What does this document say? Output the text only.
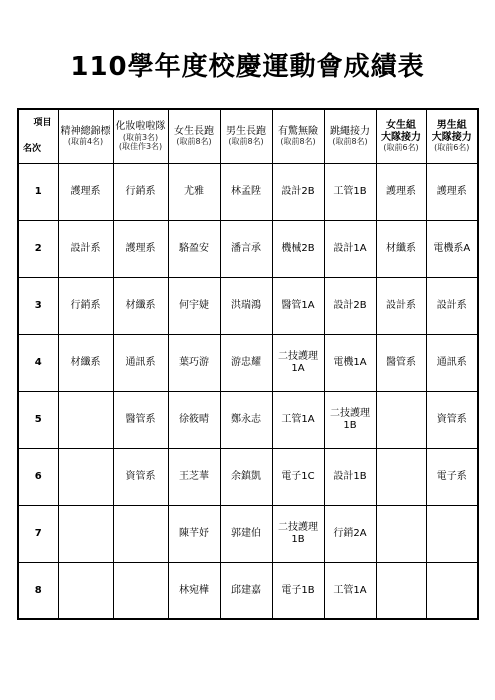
110學年度校慶運動會成績表
項目
名次	精神總錦標
(取前4名)	化妝啦啦隊
(取前3名)
(取佳作3名)	女生長跑
(取前8名)	男生長跑
(取前8名)	有驚無險
(取前8名)	跳繩接力
(取前8名)	女生組
大隊接力
(取前6名)	男生組
大隊接力
(取前6名)

1	護理系	行銷系	尤雅	林孟陞	設計2B	工管1B	護理系	護理系
2	設計系	護理系	駱盈安	潘言承	機械2B	設計1A	材纖系	電機系A
3	行銷系	材纖系	何宇婕	洪瑞鴻	醫管1A	設計2B	設計系	設計系
4	材纖系	通訊系	葉巧游	游忠耀	二技護理1A	電機1A	醫管系	通訊系
5		醫管系	徐筱晴	鄭永志	工管1A	二技護理1B		資管系
6		資管系	王芝華	余鎮凱	電子1C	設計1B		電子系
7			陳芊妤	郭建伯	二技護理1B	行銷2A		
8			林宛樺	邱建嘉	電子1B	工管1A		
